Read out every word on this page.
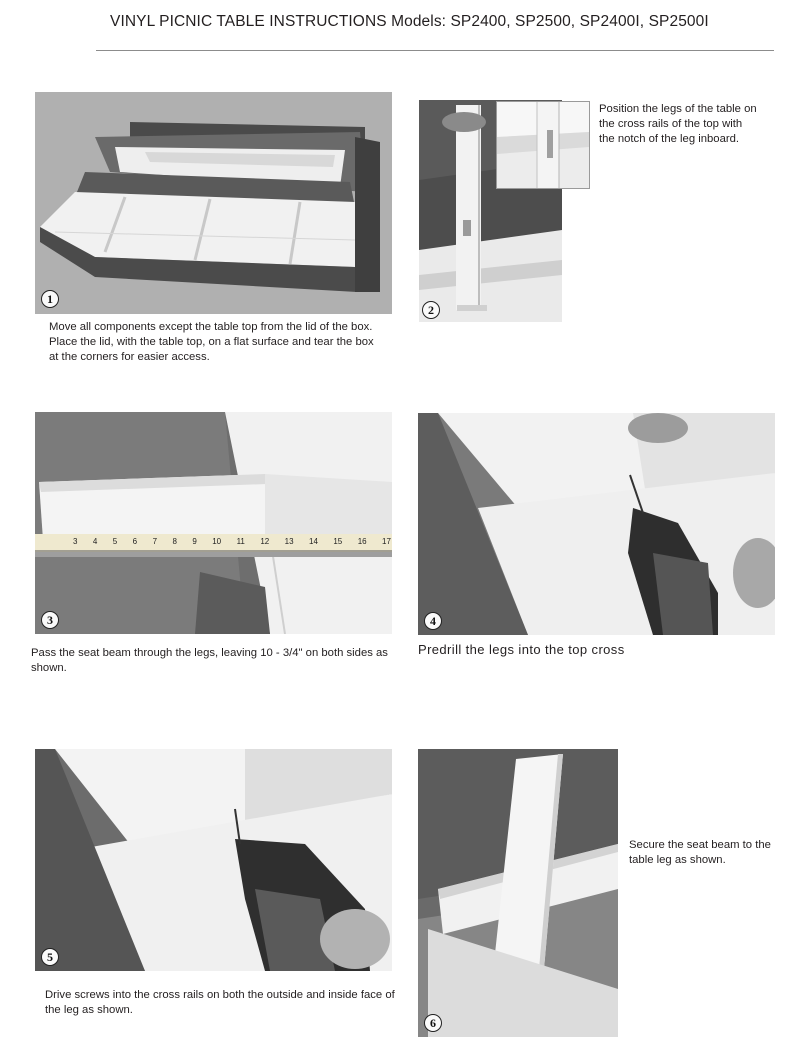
VINYL PICNIC TABLE INSTRUCTIONS Models: SP2400, SP2500, SP2400I, SP2500I
1
Move all components except the table top from the lid of the box. Place the lid, with the table top, on a flat surface and tear the box at the corners for easier access.
2
Position the legs of the table on the cross rails of the top with the notch of the leg inboard.
3 4 5 6 7 8 9 10 11 12 13 14 15 16 17
3
Pass the seat beam through the legs, leaving 10 - 3/4" on both sides as shown.
4
Predrill the legs into the top cross
5
Drive screws into the cross rails on both the outside and inside face of the leg as shown.
6
Secure the seat beam to the table leg as shown.
